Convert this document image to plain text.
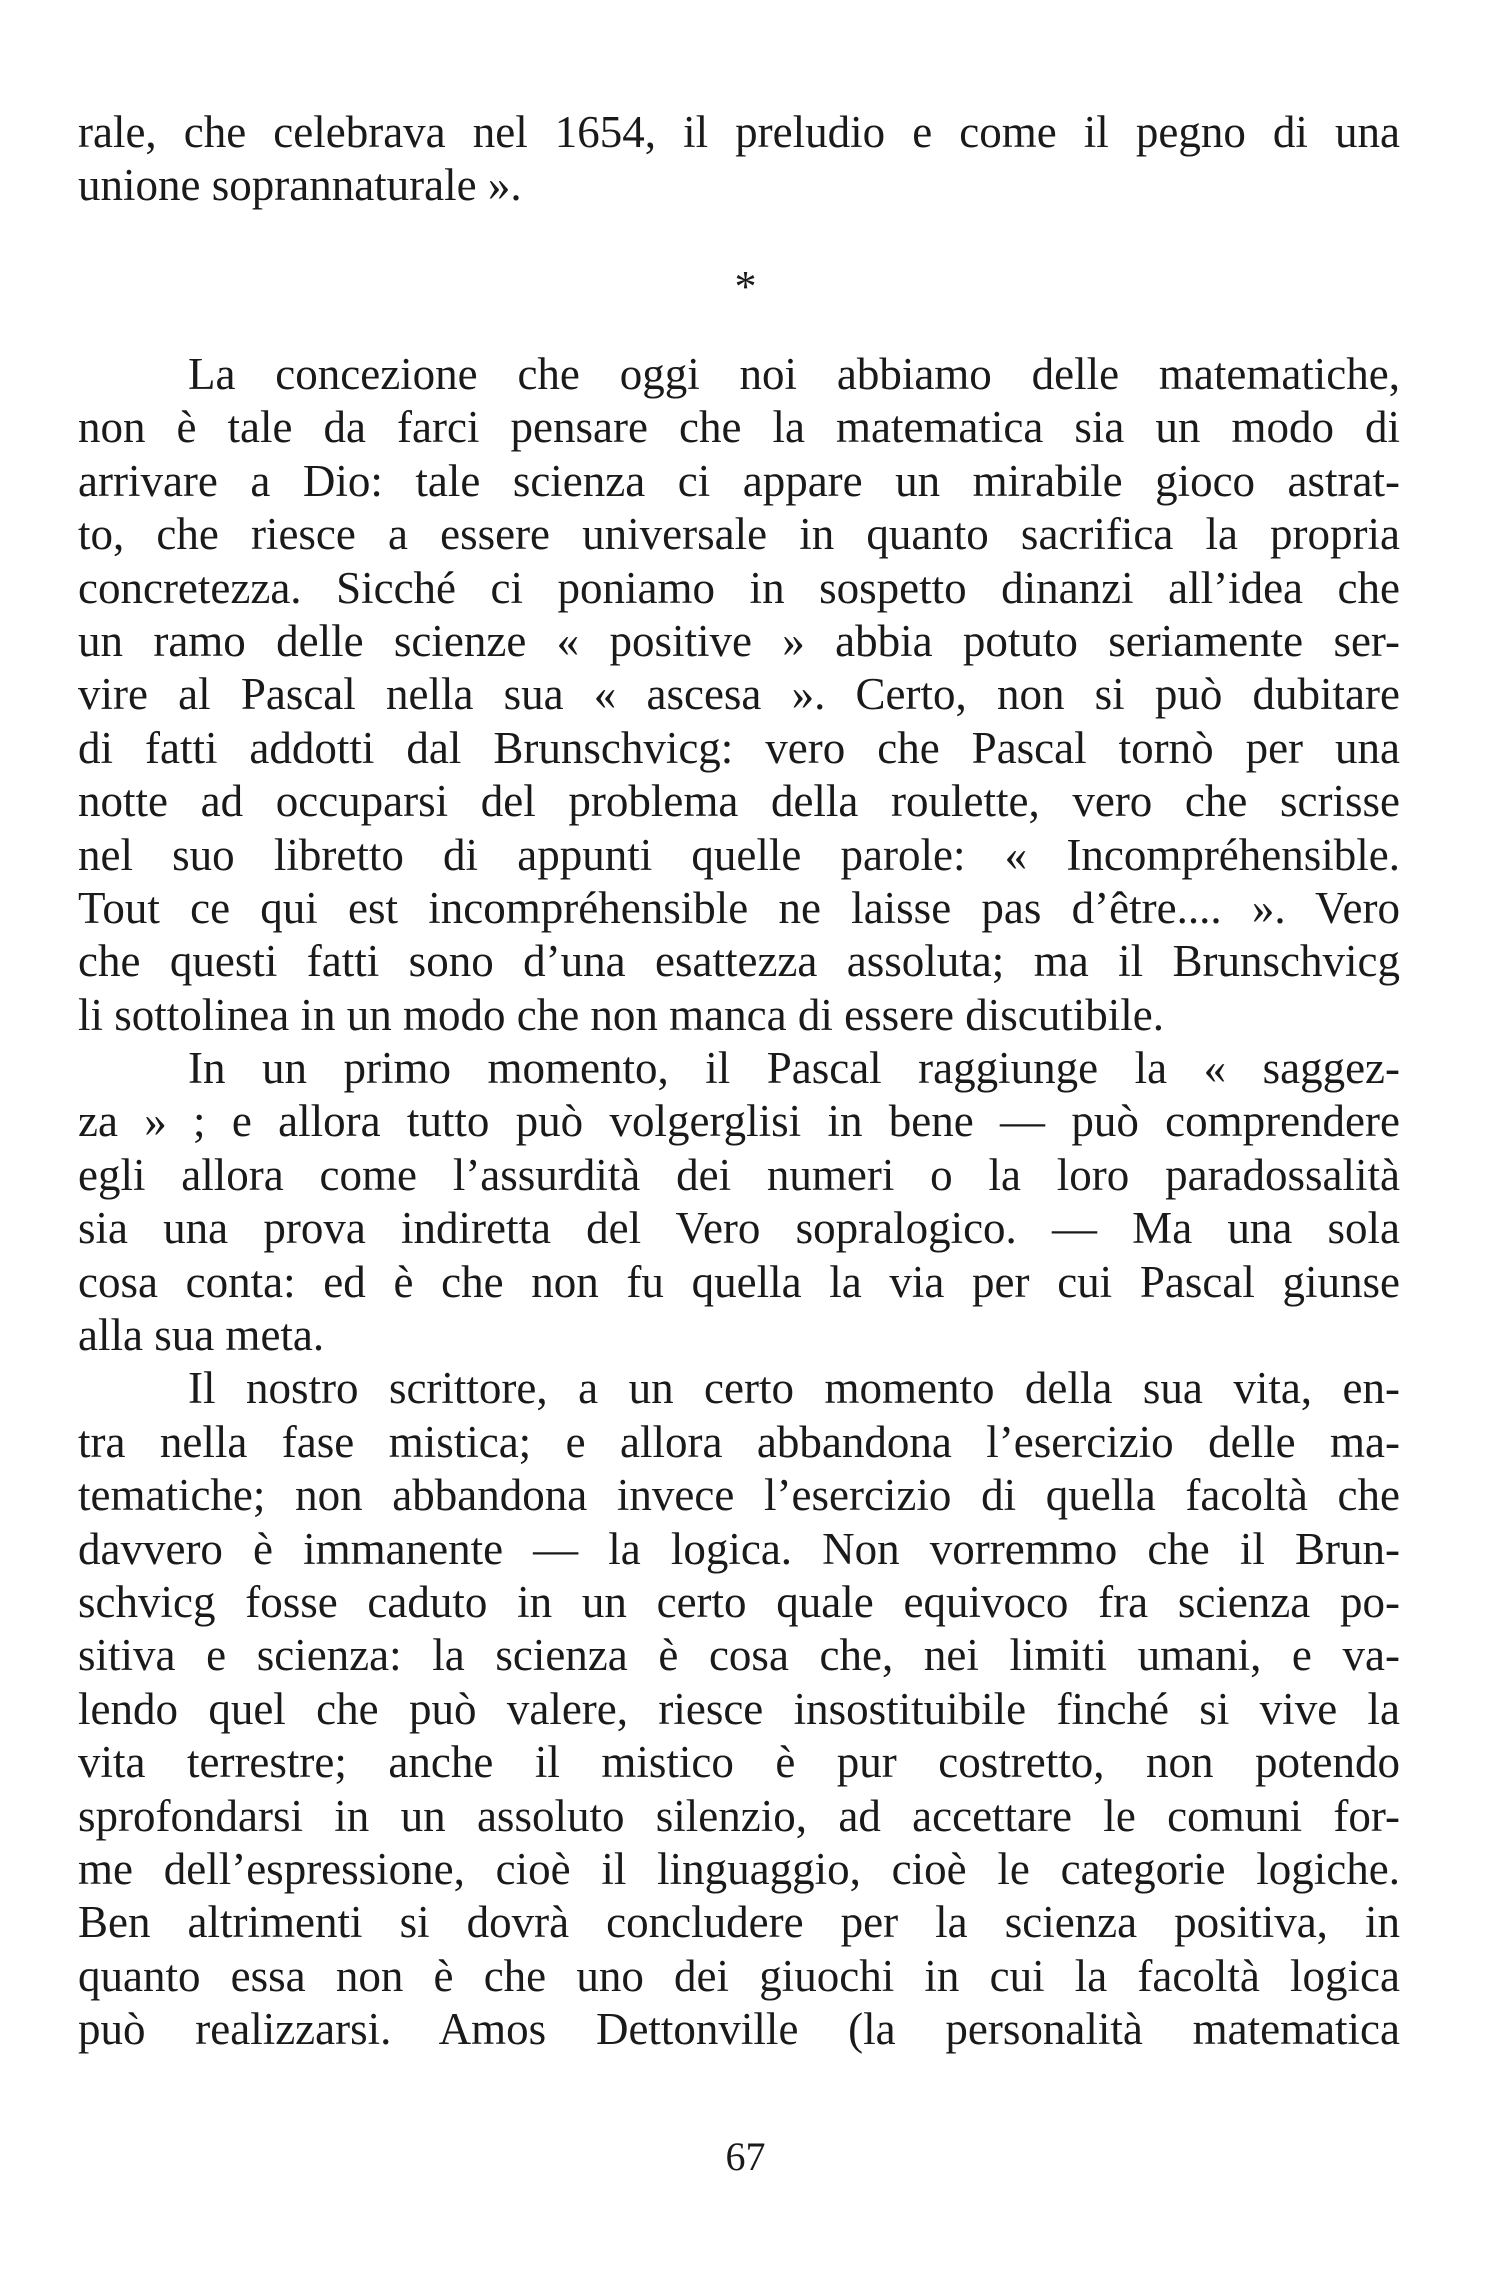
rale, che celebrava nel 1654, il preludio e come il pegno di una
unione soprannaturale ».
*
La concezione che oggi noi abbiamo delle matematiche,
non è tale da farci pensare che la matematica sia un modo di
arrivare a Dio: tale scienza ci appare un mirabile gioco astrat-
to, che riesce a essere universale in quanto sacrifica la propria
concretezza. Sicché ci poniamo in sospetto dinanzi all’idea che
un ramo delle scienze « positive » abbia potuto seriamente ser-
vire al Pascal nella sua « ascesa ». Certo, non si può dubitare
di fatti addotti dal Brunschvicg: vero che Pascal tornò per una
notte ad occuparsi del problema della roulette, vero che scrisse
nel suo libretto di appunti quelle parole: « Incompréhensible.
Tout ce qui est incompréhensible ne laisse pas d’être.... ». Vero
che questi fatti sono d’una esattezza assoluta; ma il Brunschvicg
li sottolinea in un modo che non manca di essere discutibile.
In un primo momento, il Pascal raggiunge la « saggez-
za » ; e allora tutto può volgerglisi in bene — può comprendere
egli allora come l’assurdità dei numeri o la loro paradossalità
sia una prova indiretta del Vero sopralogico. — Ma una sola
cosa conta: ed è che non fu quella la via per cui Pascal giunse
alla sua meta.
Il nostro scrittore, a un certo momento della sua vita, en-
tra nella fase mistica; e allora abbandona l’esercizio delle ma-
tematiche; non abbandona invece l’esercizio di quella facoltà che
davvero è immanente — la logica. Non vorremmo che il Brun-
schvicg fosse caduto in un certo quale equivoco fra scienza po-
sitiva e scienza: la scienza è cosa che, nei limiti umani, e va-
lendo quel che può valere, riesce insostituibile finché si vive la
vita terrestre; anche il mistico è pur costretto, non potendo
sprofondarsi in un assoluto silenzio, ad accettare le comuni for-
me dell’espressione, cioè il linguaggio, cioè le categorie logiche.
Ben altrimenti si dovrà concludere per la scienza positiva, in
quanto essa non è che uno dei giuochi in cui la facoltà logica
può realizzarsi. Amos Dettonville (la personalità matematica
67
